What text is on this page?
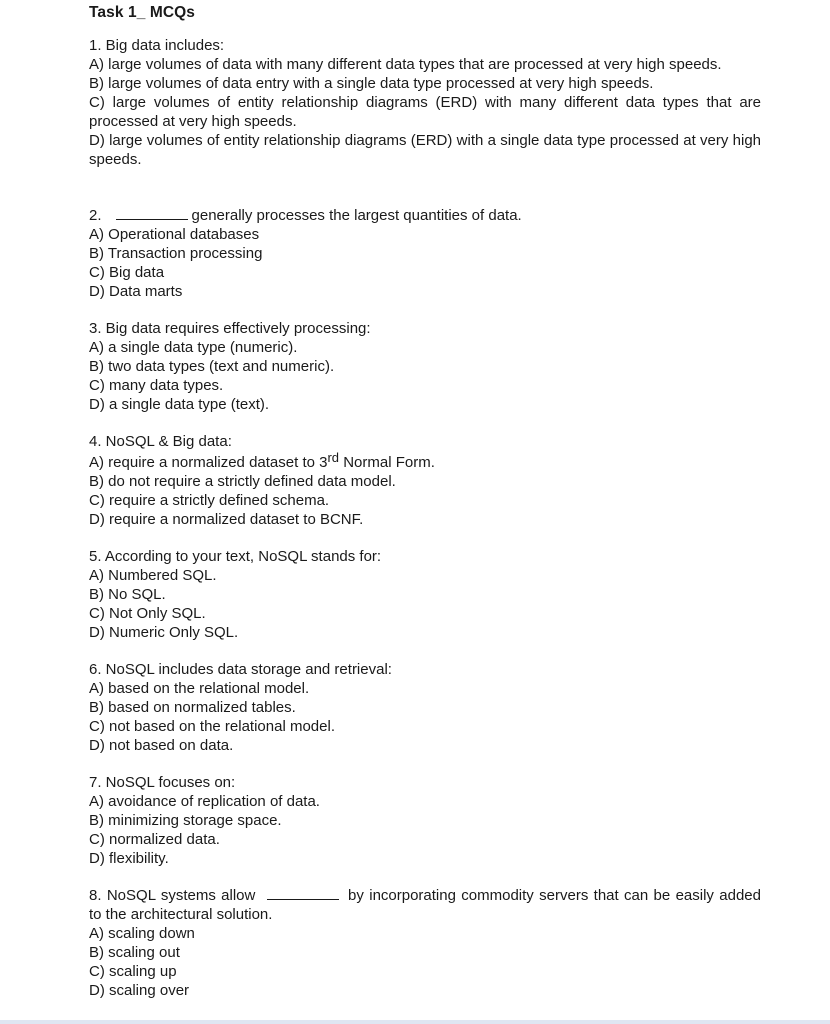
Task 1_ MCQs

1. Big data includes:

A) large volumes of data with many different data types that are processed at very high speeds.

B) large volumes of data entry with a single data type processed at very high speeds.

C) large volumes of entity relationship diagrams (ERD) with many different data types that are processed at very high speeds.

D) large volumes of entity relationship diagrams (ERD) with a single data type processed at very high speeds.

2.	generally processes the largest quantities of data.

A) Operational databases

B) Transaction processing

C) Big data

D) Data marts

3. Big data requires effectively processing:

A) a single data type (numeric).

B) two data types (text and numeric).

C) many data types.

D) a single data type (text).

4. NoSQL & Big data:

A) require a normalized dataset to 3rd Normal Form.

B) do not require a strictly defined data model.

C) require a strictly defined schema.

D) require a normalized dataset to BCNF.

5. According to your text, NoSQL stands for:

A) Numbered SQL.

B) No SQL.

C) Not Only SQL.

D) Numeric Only SQL.

6. NoSQL includes data storage and retrieval:

A) based on the relational model.

B) based on normalized tables.

C) not based on the relational model.

D) not based on data.

7. NoSQL focuses on:

A) avoidance of replication of data.

B) minimizing storage space.

C) normalized data.

D) flexibility.

8. NoSQL systems allow	by incorporating commodity servers that can be easily added to the architectural solution.

A) scaling down

B) scaling out

C) scaling up

D) scaling over
